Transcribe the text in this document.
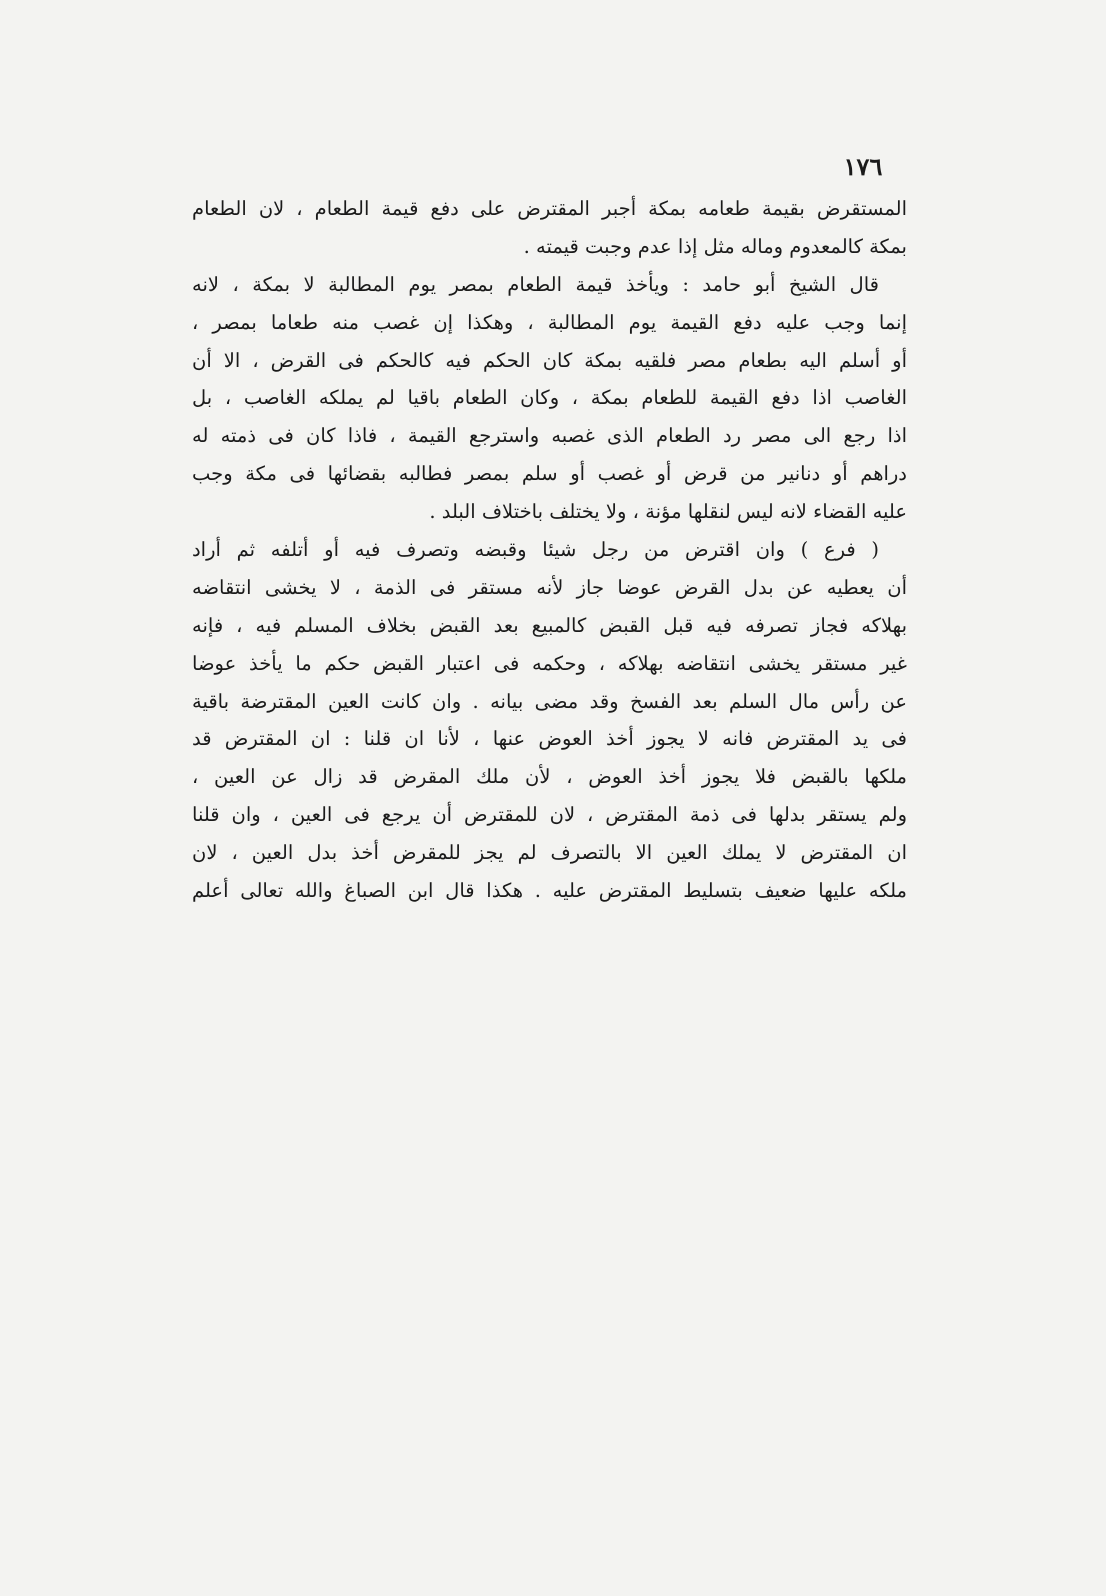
١٧٦
المستقرض بقيمة طعامه بمكة أجبر المقترض على دفع قيمة الطعام ، لان الطعام
بمكة كالمعدوم وماله مثل إذا عدم وجبت قيمته .
قال الشيخ أبو حامد : ويأخذ قيمة الطعام بمصر يوم المطالبة لا بمكة ، لانه
إنما وجب عليه دفع القيمة يوم المطالبة ، وهكذا إن غصب منه طعاما بمصر ،
أو أسلم اليه بطعام مصر فلقيه بمكة كان الحكم فيه كالحكم فى القرض ، الا أن
الغاصب اذا دفع القيمة للطعام بمكة ، وكان الطعام باقيا لم يملكه الغاصب ، بل
اذا رجع الى مصر رد الطعام الذى غصبه واسترجع القيمة ، فاذا كان فى ذمته له
دراهم أو دنانير من قرض أو غصب أو سلم بمصر فطالبه بقضائها فى مكة وجب
عليه القضاء لانه ليس لنقلها مؤنة ، ولا يختلف باختلاف البلد .
( فرع ) وان اقترض من رجل شيئا وقبضه وتصرف فيه أو أتلفه ثم أراد
أن يعطيه عن بدل القرض عوضا جاز لأنه مستقر فى الذمة ، لا يخشى انتقاضه
بهلاكه فجاز تصرفه فيه قبل القبض كالمبيع بعد القبض بخلاف المسلم فيه ، فإنه
غير مستقر يخشى انتقاضه بهلاكه ، وحكمه فى اعتبار القبض حكم ما يأخذ عوضا
عن رأس مال السلم بعد الفسخ وقد مضى بيانه . وان كانت العين المقترضة باقية
فى يد المقترض فانه لا يجوز أخذ العوض عنها ، لأنا ان قلنا : ان المقترض قد
ملكها بالقبض فلا يجوز أخذ العوض ، لأن ملك المقرض قد زال عن العين ،
ولم يستقر بدلها فى ذمة المقترض ، لان للمقترض أن يرجع فى العين ، وان قلنا
ان المقترض لا يملك العين الا بالتصرف لم يجز للمقرض أخذ بدل العين ، لان
ملكه عليها ضعيف بتسليط المقترض عليه . هكذا قال ابن الصباغ والله تعالى أعلم
